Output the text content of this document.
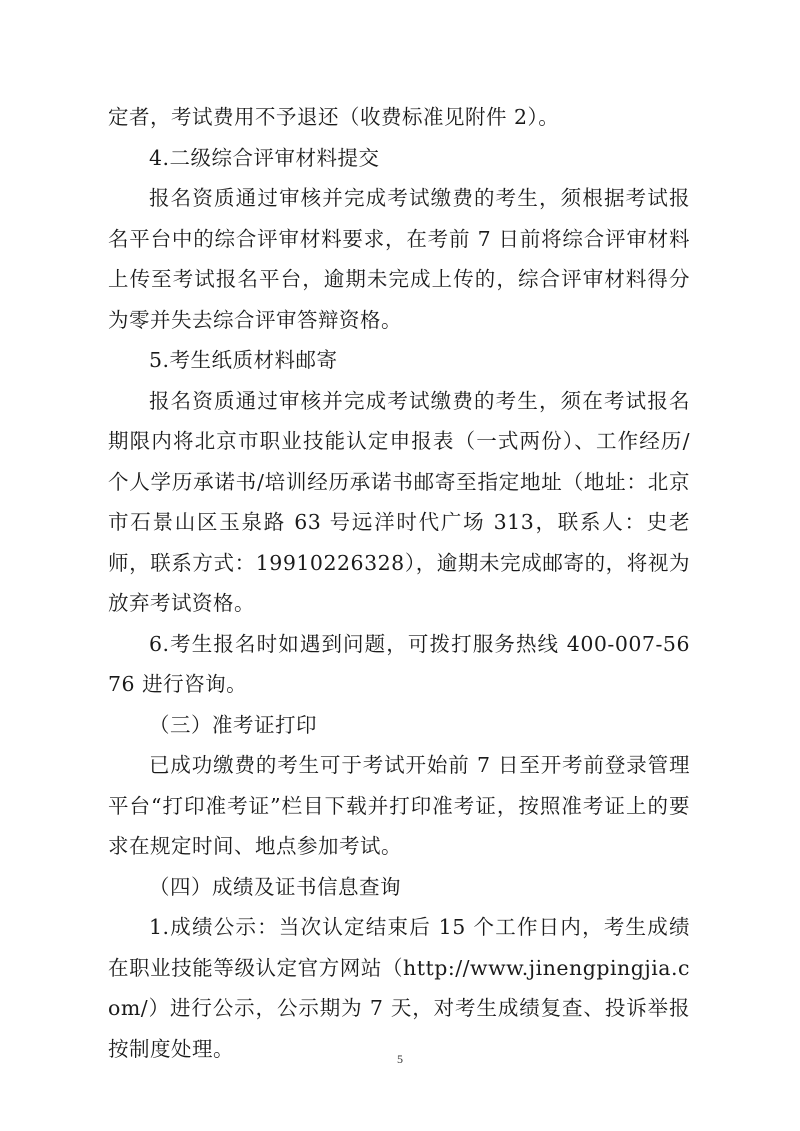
定者，考试费用不予退还（收费标准见附件 2）。

4.二级综合评审材料提交

报名资质通过审核并完成考试缴费的考生，须根据考试报名平台中的综合评审材料要求，在考前 7 日前将综合评审材料上传至考试报名平台，逾期未完成上传的，综合评审材料得分为零并失去综合评审答辩资格。

5.考生纸质材料邮寄

报名资质通过审核并完成考试缴费的考生，须在考试报名期限内将北京市职业技能认定申报表（一式两份）、工作经历/个人学历承诺书/培训经历承诺书邮寄至指定地址（地址：北京市石景山区玉泉路 63 号远洋时代广场 313，联系人：史老师，联系方式：19910226328），逾期未完成邮寄的，将视为放弃考试资格。

6.考生报名时如遇到问题，可拨打服务热线 400-007-5676 进行咨询。

（三）准考证打印

已成功缴费的考生可于考试开始前 7 日至开考前登录管理平台“打印准考证”栏目下载并打印准考证，按照准考证上的要求在规定时间、地点参加考试。

（四）成绩及证书信息查询

1.成绩公示：当次认定结束后 15 个工作日内，考生成绩在职业技能等级认定官方网站（http://www.jinengpingjia.com/）进行公示，公示期为 7 天，对考生成绩复查、投诉举报按制度处理。	5
